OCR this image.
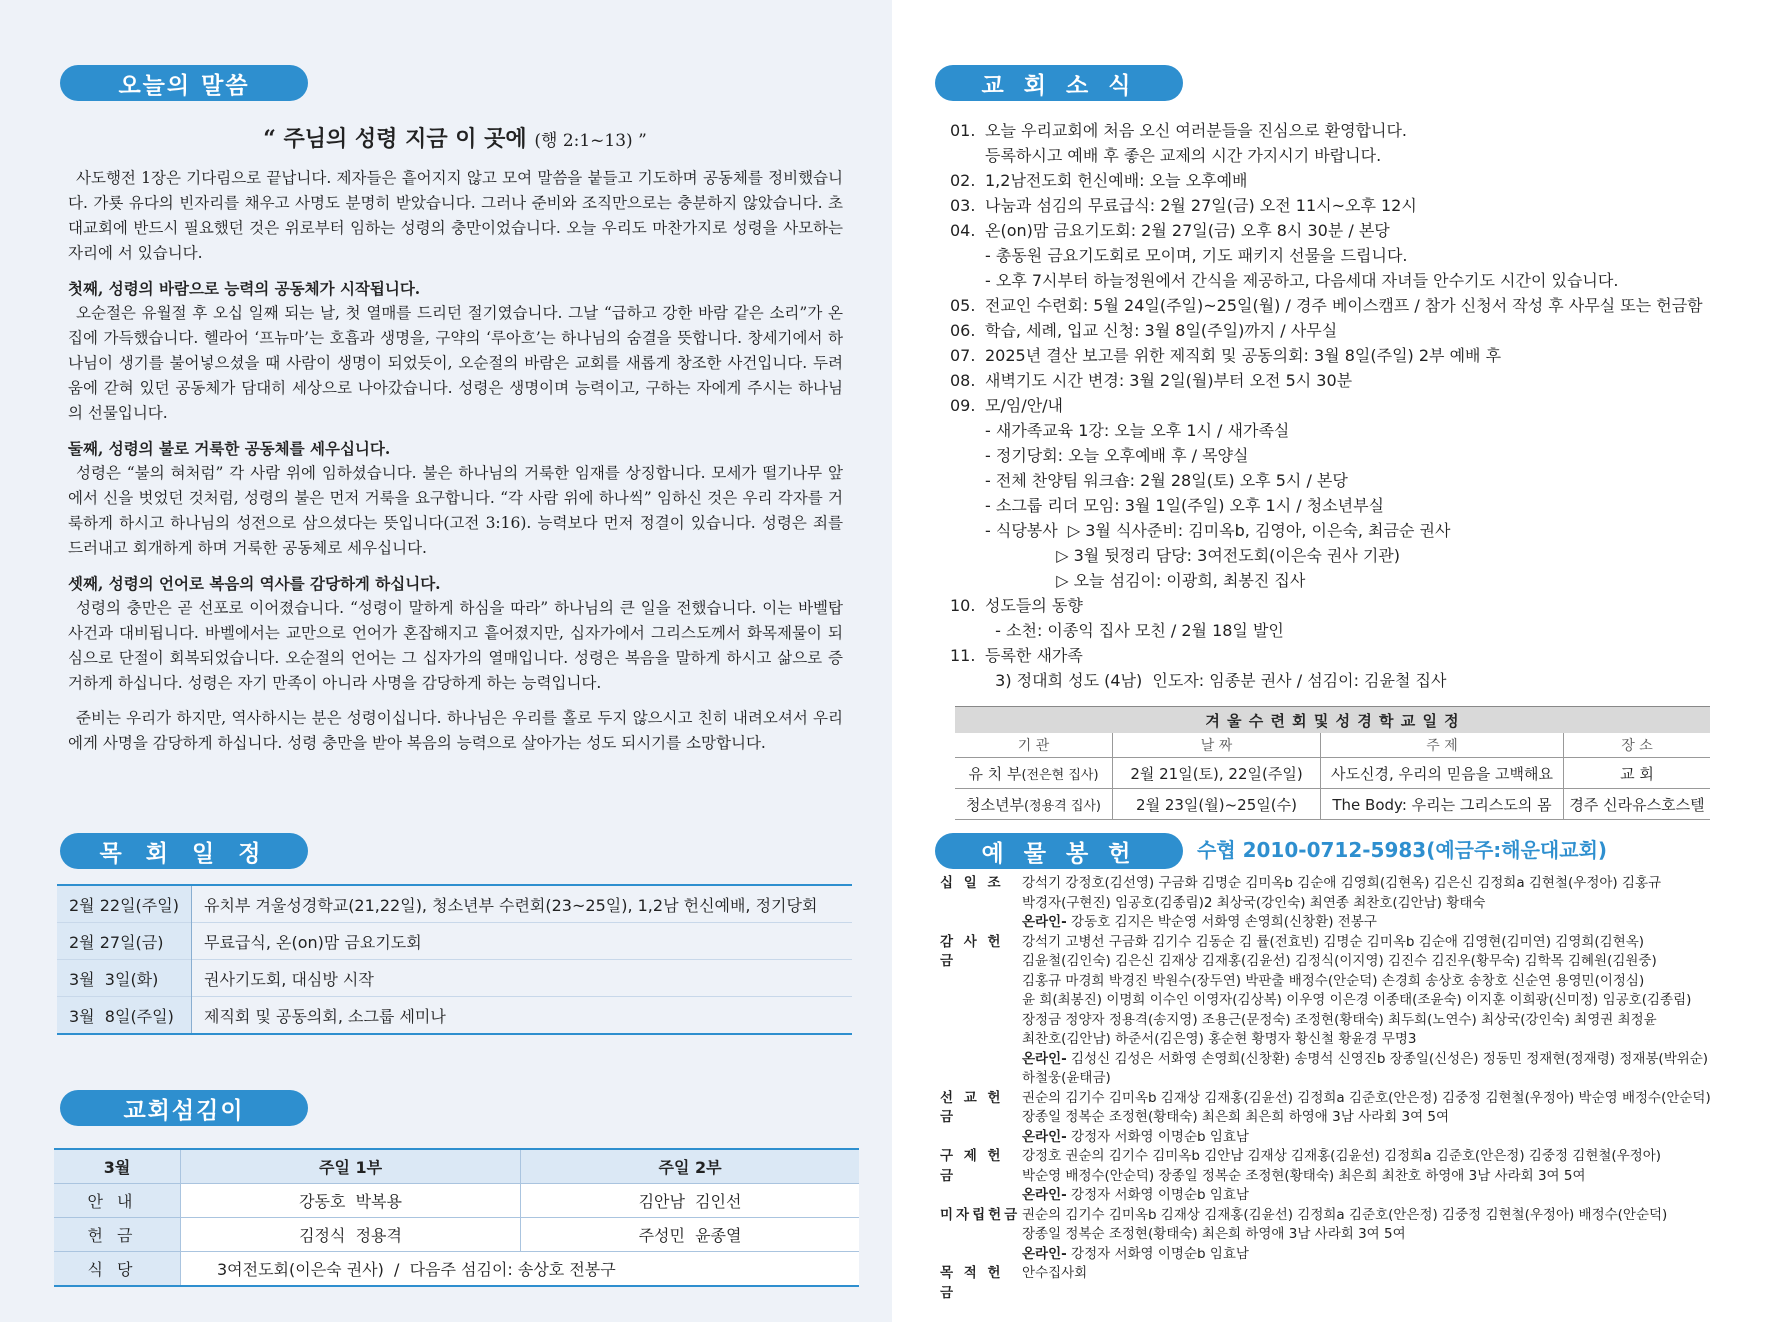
오늘의 말씀
“ 주님의 성령 지금 이 곳에 (행 2:1~13) ”

사도행전 1장은 기다림으로 끝납니다. 제자들은 흩어지지 않고 모여 말씀을 붙들고 기도하며 공동체를 정비했습니다. 가룟 유다의 빈자리를 채우고 사명도 분명히 받았습니다. 그러나 준비와 조직만으로는 충분하지 않았습니다. 초대교회에 반드시 필요했던 것은 위로부터 임하는 성령의 충만이었습니다. 오늘 우리도 마찬가지로 성령을 사모하는 자리에 서 있습니다.

첫째, 성령의 바람으로 능력의 공동체가 시작됩니다.

오순절은 유월절 후 오십 일째 되는 날, 첫 열매를 드리던 절기였습니다. 그날 “급하고 강한 바람 같은 소리”가 온 집에 가득했습니다. 헬라어 ‘프뉴마’는 호흡과 생명을, 구약의 ‘루아흐’는 하나님의 숨결을 뜻합니다. 창세기에서 하나님이 생기를 불어넣으셨을 때 사람이 생명이 되었듯이, 오순절의 바람은 교회를 새롭게 창조한 사건입니다. 두려움에 갇혀 있던 공동체가 담대히 세상으로 나아갔습니다. 성령은 생명이며 능력이고, 구하는 자에게 주시는 하나님의 선물입니다.

둘째, 성령의 불로 거룩한 공동체를 세우십니다.

성령은 “불의 혀처럼” 각 사람 위에 임하셨습니다. 불은 하나님의 거룩한 임재를 상징합니다. 모세가 떨기나무 앞에서 신을 벗었던 것처럼, 성령의 불은 먼저 거룩을 요구합니다. “각 사람 위에 하나씩” 임하신 것은 우리 각자를 거룩하게 하시고 하나님의 성전으로 삼으셨다는 뜻입니다(고전 3:16). 능력보다 먼저 정결이 있습니다. 성령은 죄를 드러내고 회개하게 하며 거룩한 공동체로 세우십니다.

셋째, 성령의 언어로 복음의 역사를 감당하게 하십니다.

성령의 충만은 곧 선포로 이어졌습니다. “성령이 말하게 하심을 따라” 하나님의 큰 일을 전했습니다. 이는 바벨탑 사건과 대비됩니다. 바벨에서는 교만으로 언어가 혼잡해지고 흩어졌지만, 십자가에서 그리스도께서 화목제물이 되심으로 단절이 회복되었습니다. 오순절의 언어는 그 십자가의 열매입니다. 성령은 복음을 말하게 하시고 삶으로 증거하게 하십니다. 성령은 자기 만족이 아니라 사명을 감당하게 하는 능력입니다.

준비는 우리가 하지만, 역사하시는 분은 성령이십니다. 하나님은 우리를 홀로 두지 않으시고 친히 내려오셔서 우리에게 사명을 감당하게 하십니다. 성령 충만을 받아 복음의 능력으로 살아가는 성도 되시기를 소망합니다.

목 회 일 정
2월 22일(주일)	유치부 겨울성경학교(21,22일), 청소년부 수련회(23~25일), 1,2남 헌신예배, 정기당회
2월 27일(금)	무료급식, 온(on)맘 금요기도회
3월  3일(화)	권사기도회, 대심방 시작
3월  8일(주일)	제직회 및 공동의회, 소그룹 세미나
교회섬김이
3월	주일 1부	주일 2부
안내	강동호  박복용	김안남  김인선
헌금	김정식  정용격	주성민  윤종열
식당	3여전도회(이은숙 권사)  /  다음주 섬김이: 송상호 전봉구	
교 회 소 식
01. 오늘 우리교회에 처음 오신 여러분들을 진심으로 환영합니다.
등록하시고 예배 후 좋은 교제의 시간 가지시기 바랍니다.
02. 1,2남전도회 헌신예배: 오늘 오후예배
03. 나눔과 섬김의 무료급식: 2월 27일(금) 오전 11시~오후 12시
04. 온(on)맘 금요기도회: 2월 27일(금) 오후 8시 30분 / 본당
- 총동원 금요기도회로 모이며, 기도 패키지 선물을 드립니다.
- 오후 7시부터 하늘정원에서 간식을 제공하고, 다음세대 자녀들 안수기도 시간이 있습니다.
05. 전교인 수련회: 5월 24일(주일)~25일(월) / 경주 베이스캠프 / 참가 신청서 작성 후 사무실 또는 헌금함
06. 학습, 세례, 입교 신청: 3월 8일(주일)까지 / 사무실
07. 2025년 결산 보고를 위한 제직회 및 공동의회: 3월 8일(주일) 2부 예배 후
08. 새벽기도 시간 변경: 3월 2일(월)부터 오전 5시 30분
09. 모/임/안/내
- 새가족교육 1강: 오늘 오후 1시 / 새가족실
- 정기당회: 오늘 오후예배 후 / 목양실
- 전체 찬양팀 워크숍: 2월 28일(토) 오후 5시 / 본당
- 소그룹 리더 모임: 3월 1일(주일) 오후 1시 / 청소년부실
- 식당봉사  ▷ 3월 식사준비: 김미옥b, 김영아, 이은숙, 최금순 권사
▷ 3월 뒷정리 담당: 3여전도회(이은숙 권사 기관)
▷ 오늘 섬김이: 이광희, 최봉진 집사
10. 성도들의 동향
- 소천: 이종익 집사 모친 / 2월 18일 발인
11. 등록한 새가족
3) 정대희 성도 (4남)  인도자: 임종분 권사 / 섬김이: 김윤철 집사
겨 울 수 련 회 및 성 경 학 교 일 정			
기 관	날 짜	주 제	장 소
유 치 부(전은현 집사)	2월 21일(토), 22일(주일)	사도신경, 우리의 믿음을 고백해요	교 회
청소년부(정용격 집사)	2월 23일(월)~25일(수)	The Body: 우리는 그리스도의 몸	경주 신라유스호스텔
예 물 봉 헌	수협 2010-0712-5983(예금주:해운대교회)
십 일 조	강석기 강정호(김선영) 구금화 김명순 김미옥b 김순애 김영희(김현옥) 김은신 김정희a 김현철(우정아) 김홍규
박경자(구현진) 임공호(김종림)2 최상국(강인숙) 최연종 최찬호(김안남) 황태숙
온라인- 강동호 김지은 박순영 서화영 손영희(신창환) 전봉구
감 사 헌 금
강석기 고병선 구금화 김기수 김동순 김 률(전효빈) 김명순 김미옥b 김순애 김영현(김미연) 김영희(김현옥)
김윤철(김인숙) 김은신 김재상 김재홍(김윤선) 김정식(이지영) 김진수 김진우(황무숙) 김학목 김혜원(김원중)
김홍규 마경희 박경진 박원수(장두연) 박판출 배정수(안순덕) 손경희 송상호 송창호 신순연 용영민(이정심)
윤 희(최봉진) 이명희 이수인 이영자(김상복) 이우영 이은경 이종태(조윤숙) 이지훈 이희광(신미정) 임공호(김종림)
장정금 정양자 정용격(송지영) 조용근(문정숙) 조정현(황태숙) 최두희(노연수) 최상국(강인숙) 최영권 최정윤
최찬호(김안남) 하준서(김은영) 홍순현 황명자 황신철 황윤경 무명3
온라인- 김성신 김성은 서화영 손영희(신창환) 송명석 신영진b 장종일(신성은) 정동민 정재현(정재령) 정재봉(박위순)
하철웅(윤태금)
선 교 헌 금
권순의 김기수 김미옥b 김재상 김재홍(김윤선) 김정희a 김준호(안은정) 김중정 김현철(우정아) 박순영 배정수(안순덕)
장종일 정복순 조정현(황태숙) 최은희 최은희 하영애 3남 사라회 3여 5여
온라인- 강정자 서화영 이명순b 임효남
구 제 헌 금
강정호 권순의 김기수 김미옥b 김안남 김재상 김재홍(김윤선) 김정희a 김준호(안은정) 김중정 김현철(우정아)
박순영 배정수(안순덕) 장종일 정복순 조정현(황태숙) 최은희 최찬호 하영애 3남 사라회 3여 5여
온라인- 강정자 서화영 이명순b 임효남
미자립헌금 권순의 김기수 김미옥b 김재상 김재홍(김윤선) 김정희a 김준호(안은정) 김중정 김현철(우정아) 배정수(안순덕)
장종일 정복순 조정현(황태숙) 최은희 하영애 3남 사라회 3여 5여
온라인- 강정자 서화영 이명순b 임효남
목 적 헌 금
안수집사회
